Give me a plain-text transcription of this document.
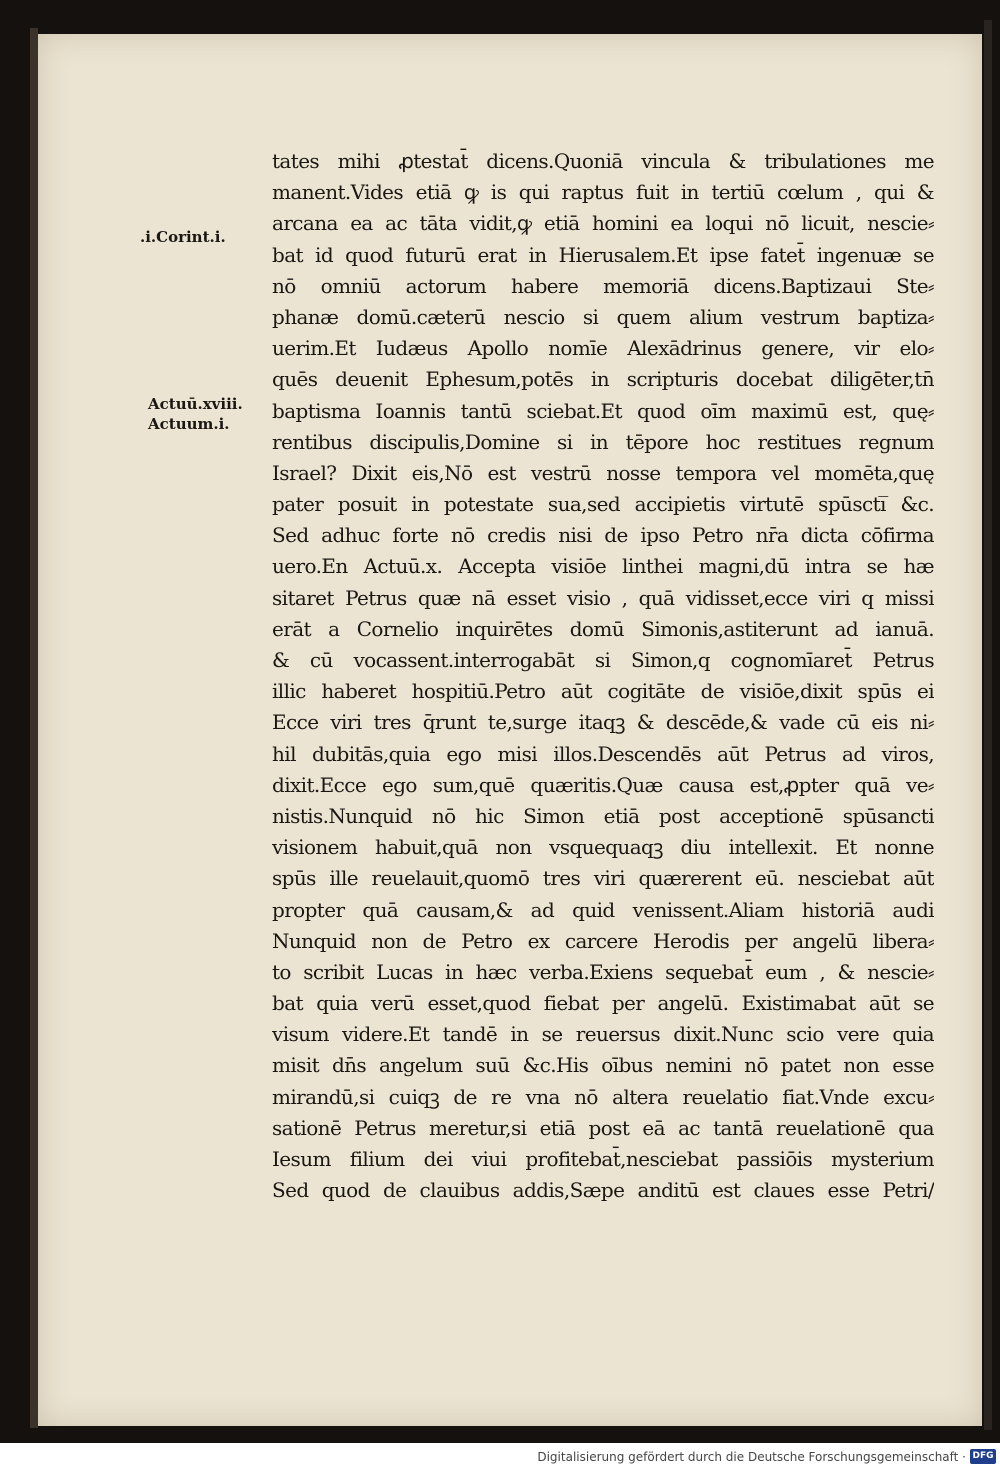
.i.Corint.i.
Actuū.xviii.
Actuum.i.
tates mihi ꝓtestat̄ dicens.Quoniā vincula & tribulationes me
manent.Vides etiā ꝙ is qui raptus fuit in tertiū cœlum , qui &
arcana ea ac tāta vidit,ꝙ etiā homini ea loqui nō licuit, nescie⸗
bat id quod futurū erat in Hierusalem.Et ipse fatet̄ ingenuæ se
nō omniū actorum habere memoriā dicens.Baptizaui Ste⸗
phanæ domū.cæterū nescio si quem alium vestrum baptiza⸗
uerim.Et Iudæus Apollo nomīe Alexādrinus genere, vir elo⸗
quēs deuenit Ephesum,potēs in scripturis docebat diligēter,tn̄
baptisma Ioannis tantū sciebat.Et quod oīm maximū est, quę⸗
rentibus discipulis,Domine si in tēpore hoc restitues regnum
Israel? Dixit eis,Nō est vestrū nosse tempora vel momēta,quę
pater posuit in potestate sua,sed accipietis virtutē spūscti̅ &c.
Sed adhuc forte nō credis nisi de ipso Petro nr̄a dicta cōfirma
uero.En Actuū.x. Accepta visiōe linthei magni,dū intra se hæ
sitaret Petrus quæ nā esset visio , quā vidisset,ecce viri q missi
erāt a Cornelio inquirētes domū Simonis,astiterunt ad ianuā.
& cū vocassent.interrogabāt si Simon,q cognomīaret̄ Petrus
illic haberet hospitiū.Petro aūt cogitāte de visiōe,dixit spūs ei
Ecce viri tres q̄runt te,surge itaqꝫ & descēde,& vade cū eis ni⸗
hil dubitās,quia ego misi illos.Descendēs aūt Petrus ad viros,
dixit.Ecce ego sum,quē quæritis.Quæ causa est,ꝓpter quā ve⸗
nistis.Nunquid nō hic Simon etiā post acceptionē spūsancti
visionem habuit,quā non vsquequaqꝫ diu intellexit. Et nonne
spūs ille reuelauit,quomō tres viri quærerent eū. nesciebat aūt
propter quā causam,& ad quid venissent.Aliam historiā audi
Nunquid non de Petro ex carcere Herodis per angelū libera⸗
to scribit Lucas in hæc verba.Exiens sequebat̄ eum , & nescie⸗
bat quia verū esset,quod fiebat per angelū. Existimabat aūt se
visum videre.Et tandē in se reuersus dixit.Nunc scio vere quia
misit dn̄s angelum suū &c.His oībus nemini nō patet non esse
mirandū,si cuiqꝫ de re vna nō altera reuelatio fiat.Vnde excu⸗
sationē Petrus meretur,si etiā post eā ac tantā reuelationē qua
Iesum filium dei viui profitebat̄,nesciebat passiōis mysterium
Sed quod de clauibus addis,Sæpe anditū est claues esse Petri/
Digitalisierung gefördert durch die Deutsche Forschungsgemeinschaft · DFG
